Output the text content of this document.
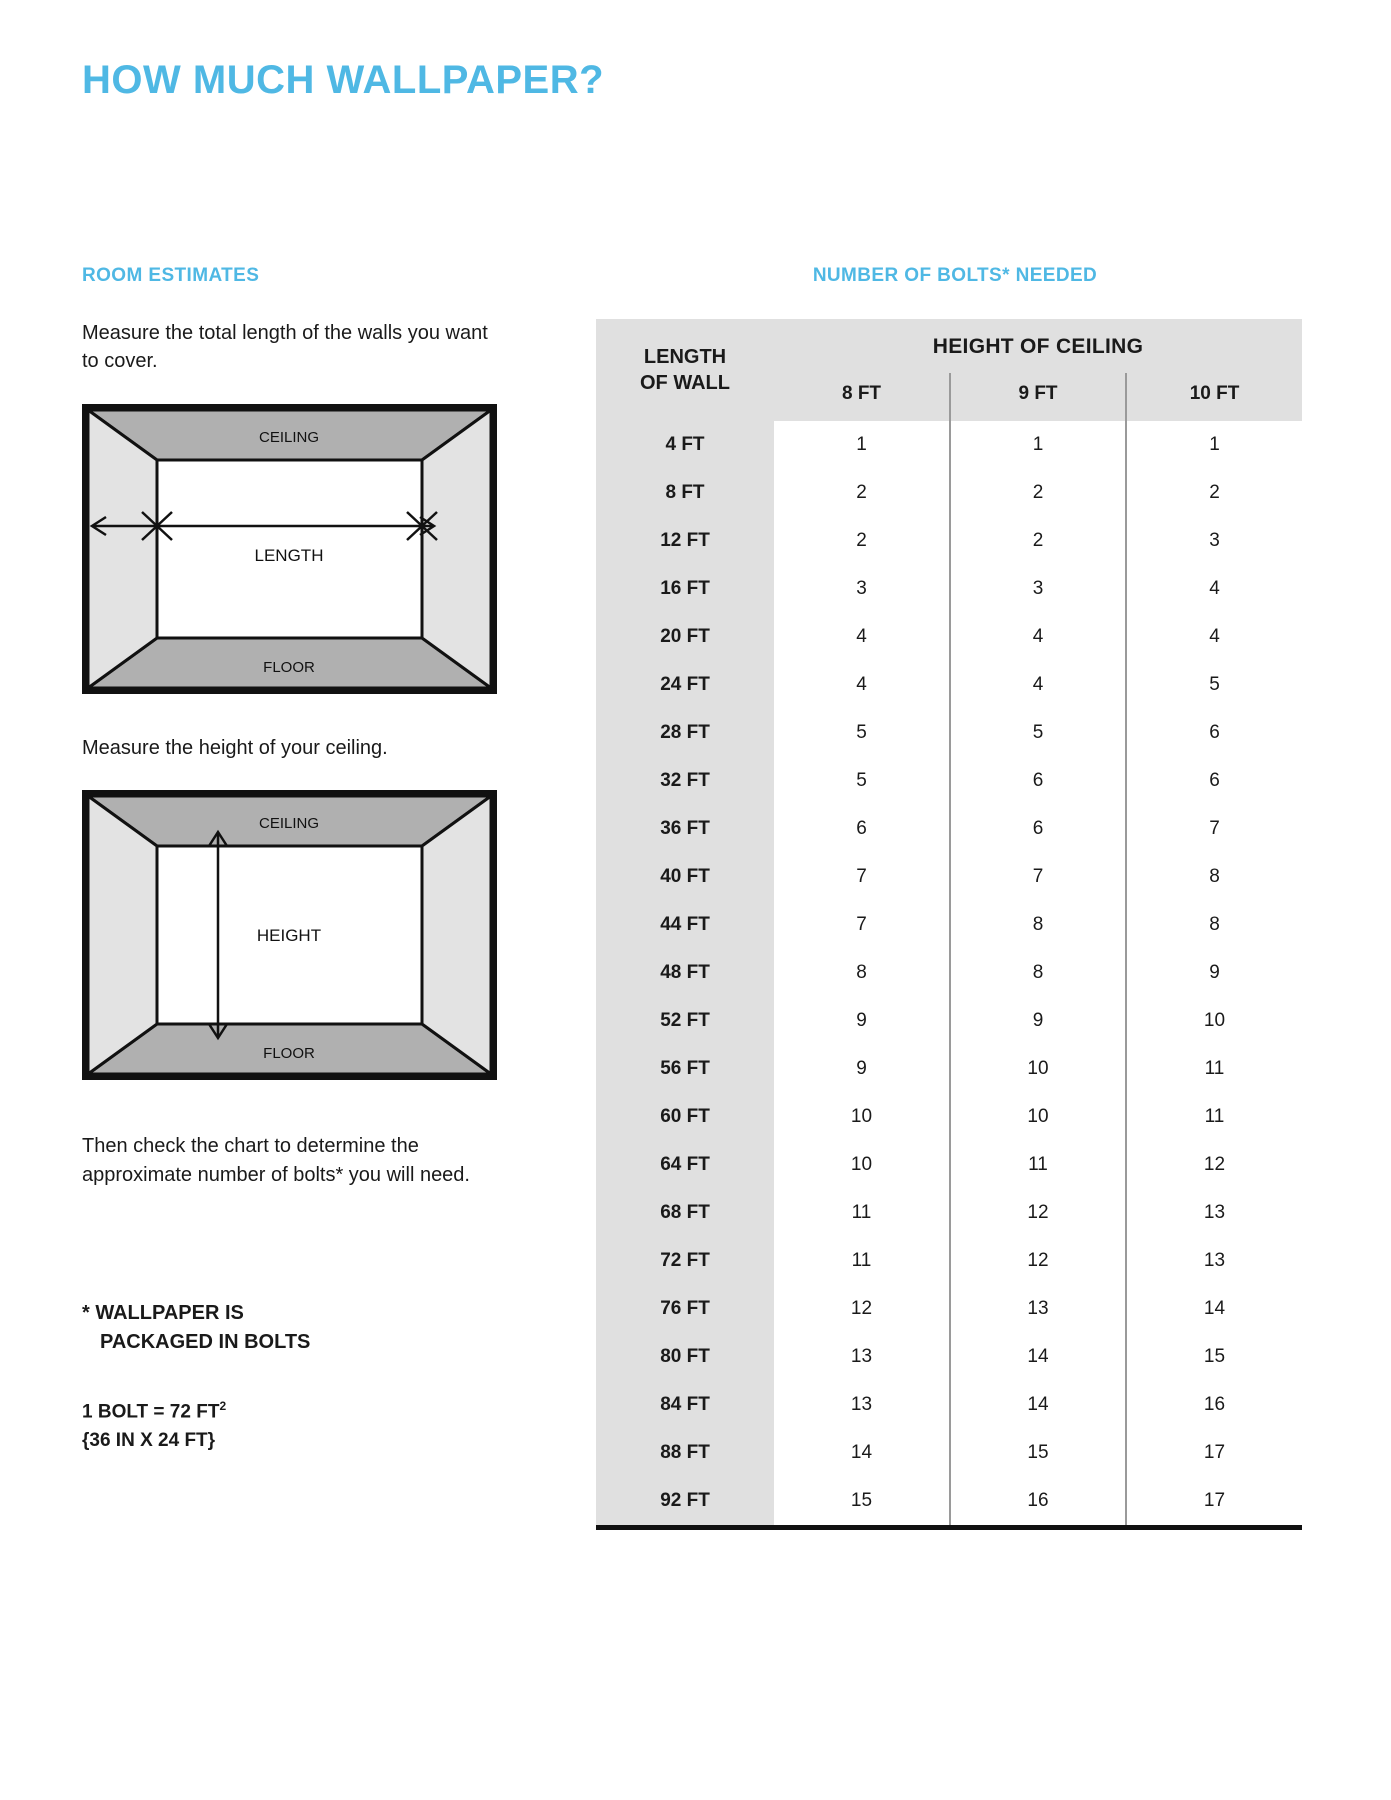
HOW MUCH WALLPAPER?
ROOM ESTIMATES
Measure the total length of the walls you want to cover.
LENGTH
CEILING
FLOOR
Measure the height of your ceiling.
HEIGHT
CEILING
FLOOR
Then check the chart to determine the approximate number of bolts* you will need.
* WALLPAPER IS
PACKAGED IN BOLTS
1 BOLT = 72 $FT^2$
{36 IN X 24 FT}
NUMBER OF BOLTS* NEEDED
LENGTH
OF WALL	HEIGHT OF CEILING		
	8 FT	9 FT	10 FT
4 FT	1	1	1
8 FT	2	2	2
12 FT	2	2	3
16 FT	3	3	4
20 FT	4	4	4
24 FT	4	4	5
28 FT	5	5	6
32 FT	5	6	6
36 FT	6	6	7
40 FT	7	7	8
44 FT	7	8	8
48 FT	8	8	9
52 FT	9	9	10
56 FT	9	10	11
60 FT	10	10	11
64 FT	10	11	12
68 FT	11	12	13
72 FT	11	12	13
76 FT	12	13	14
80 FT	13	14	15
84 FT	13	14	16
88 FT	14	15	17
92 FT	15	16	17
